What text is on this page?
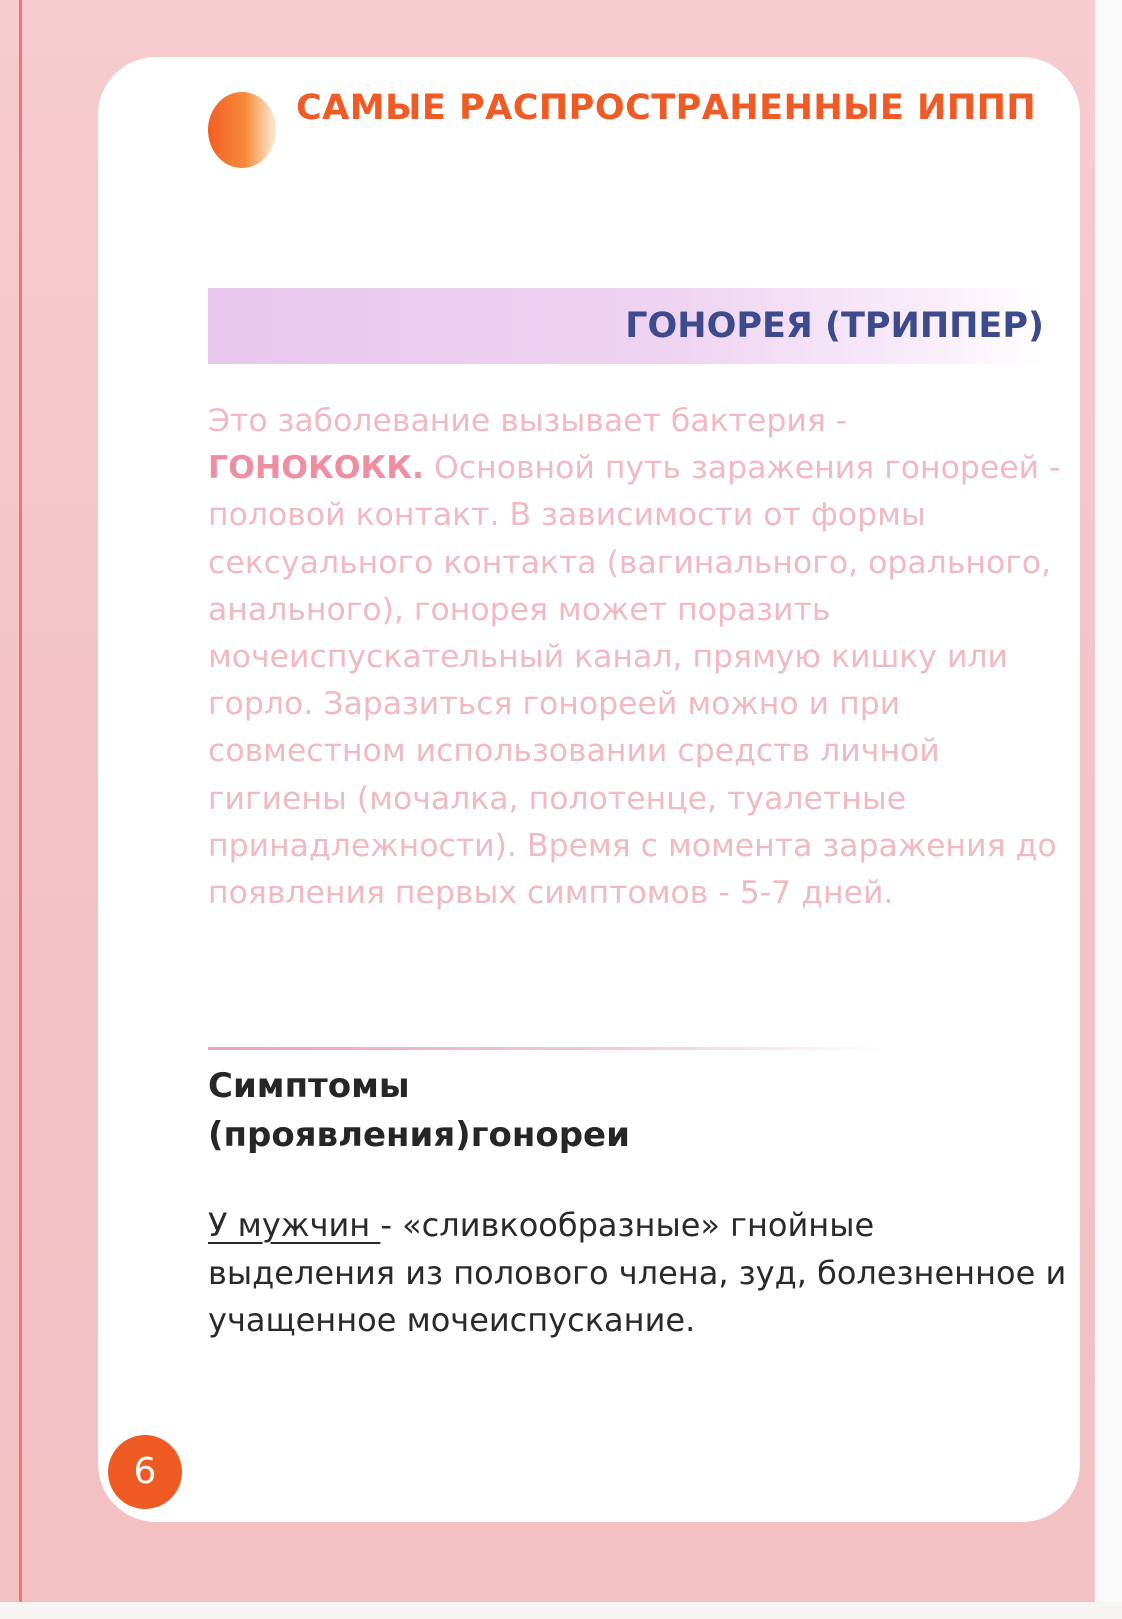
САМЫЕ РАСПРОСТРАНЕННЫЕ ИППП
ГОНОРЕЯ (ТРИППЕР)

Это заболевание вызывает бактерия - ГОНОКОКК. Основной путь заражения гонореей - половой контакт. В зависимости от формы сексуального контакта (вагинального, орального, анального), гонорея может поразить мочеиспускательный канал, прямую кишку или горло. Заразиться гонореей можно и при совместном использовании средств личной гигиены (мочалка, полотенце, туалетные принадлежности). Время с момента заражения до появления первых симптомов - 5-7 дней.

Симптомы
(проявления)гонореи

У мужчин - «сливкообразные» гнойные выделения из полового члена, зуд, болезненное и учащенное мочеиспускание.

6
